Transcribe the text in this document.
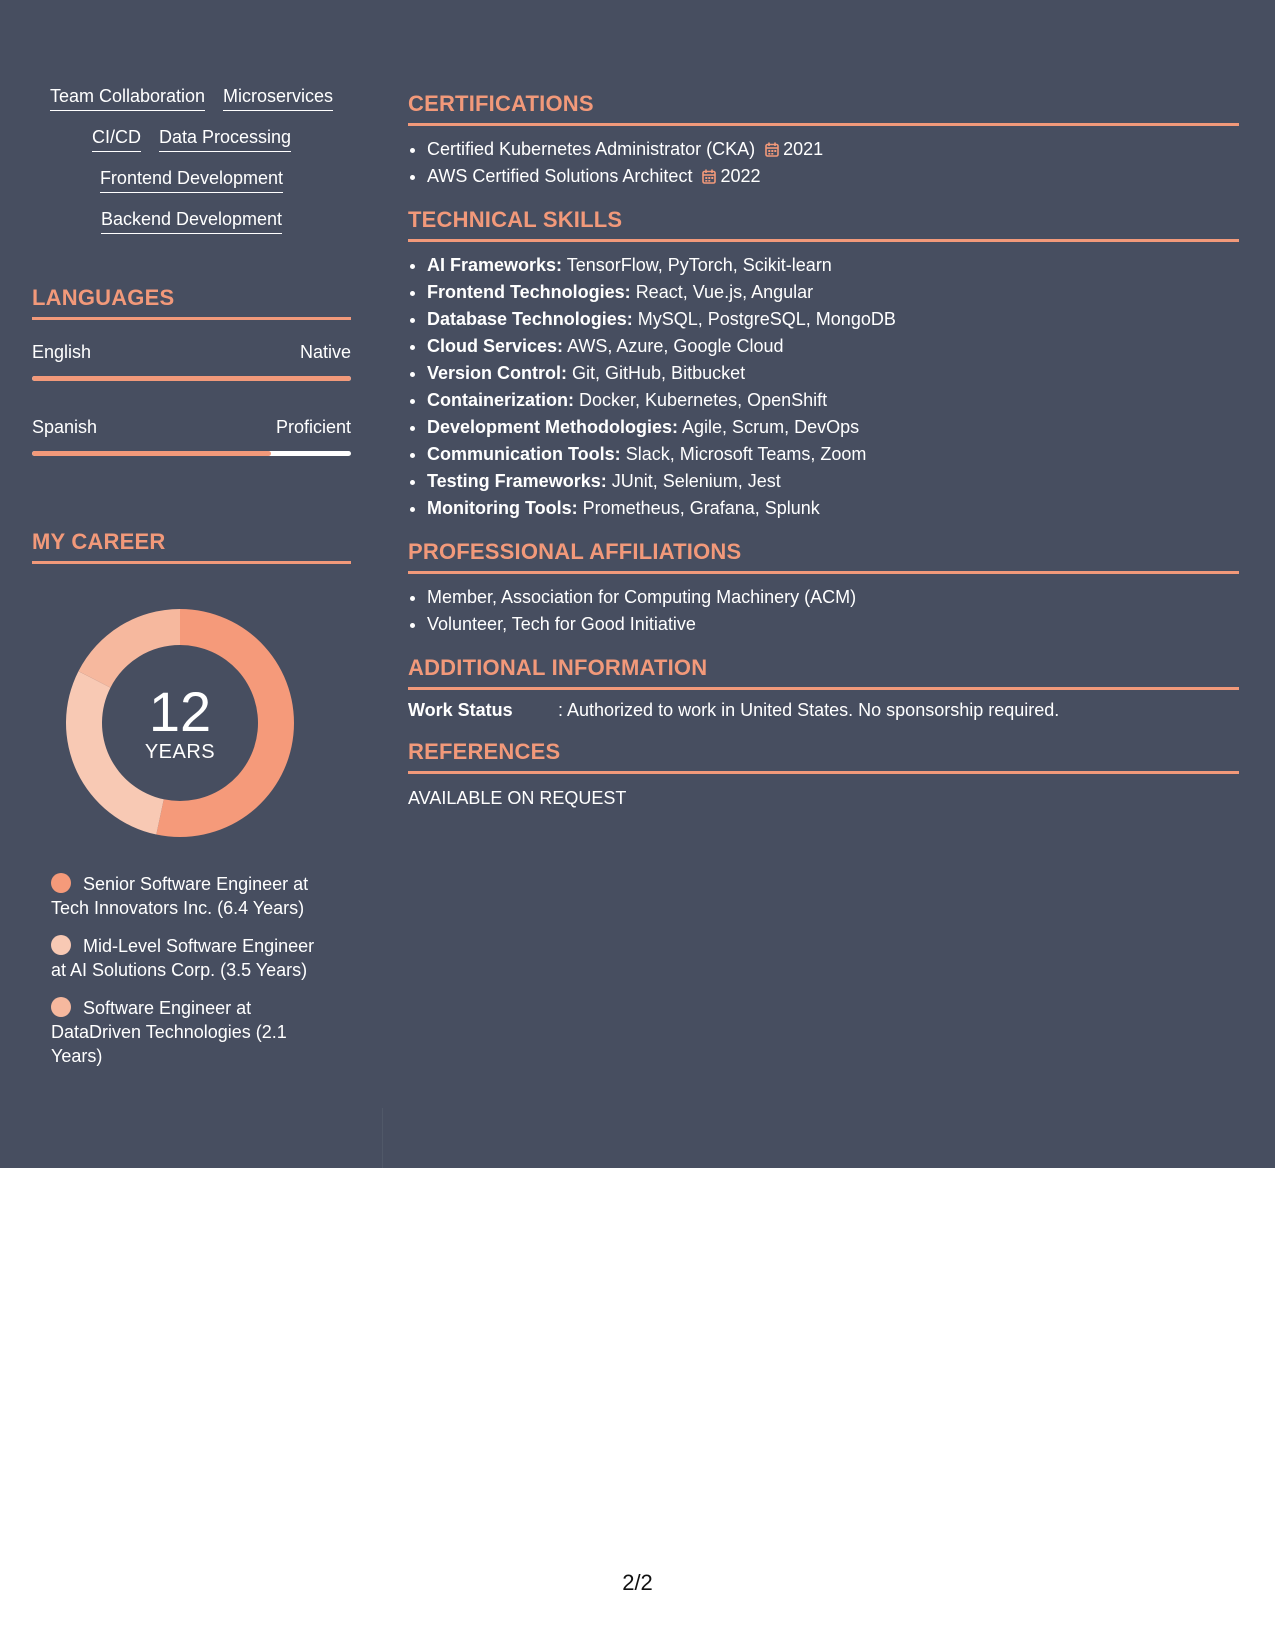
Team Collaboration Microservices
CI/CD Data Processing
Frontend Development
Backend Development
LANGUAGES
English	Native
Spanish	Proficient
MY CAREER
12
YEARS
Senior Software Engineer at Tech Innovators Inc. (6.4 Years)
Mid-Level Software Engineer at AI Solutions Corp. (3.5 Years)
Software Engineer at DataDriven Technologies (2.1 Years)
CERTIFICATIONS
• Certified Kubernetes Administrator (CKA) 2021
• AWS Certified Solutions Architect 2022
TECHNICAL SKILLS
• AI Frameworks: TensorFlow, PyTorch, Scikit-learn
• Frontend Technologies: React, Vue.js, Angular
• Database Technologies: MySQL, PostgreSQL, MongoDB
• Cloud Services: AWS, Azure, Google Cloud
• Version Control: Git, GitHub, Bitbucket
• Containerization: Docker, Kubernetes, OpenShift
• Development Methodologies: Agile, Scrum, DevOps
• Communication Tools: Slack, Microsoft Teams, Zoom
• Testing Frameworks: JUnit, Selenium, Jest
• Monitoring Tools: Prometheus, Grafana, Splunk
PROFESSIONAL AFFILIATIONS
• Member, Association for Computing Machinery (ACM)
• Volunteer, Tech for Good Initiative
ADDITIONAL INFORMATION
Work Status	: Authorized to work in United States. No sponsorship required.
REFERENCES
AVAILABLE ON REQUEST
2/2
